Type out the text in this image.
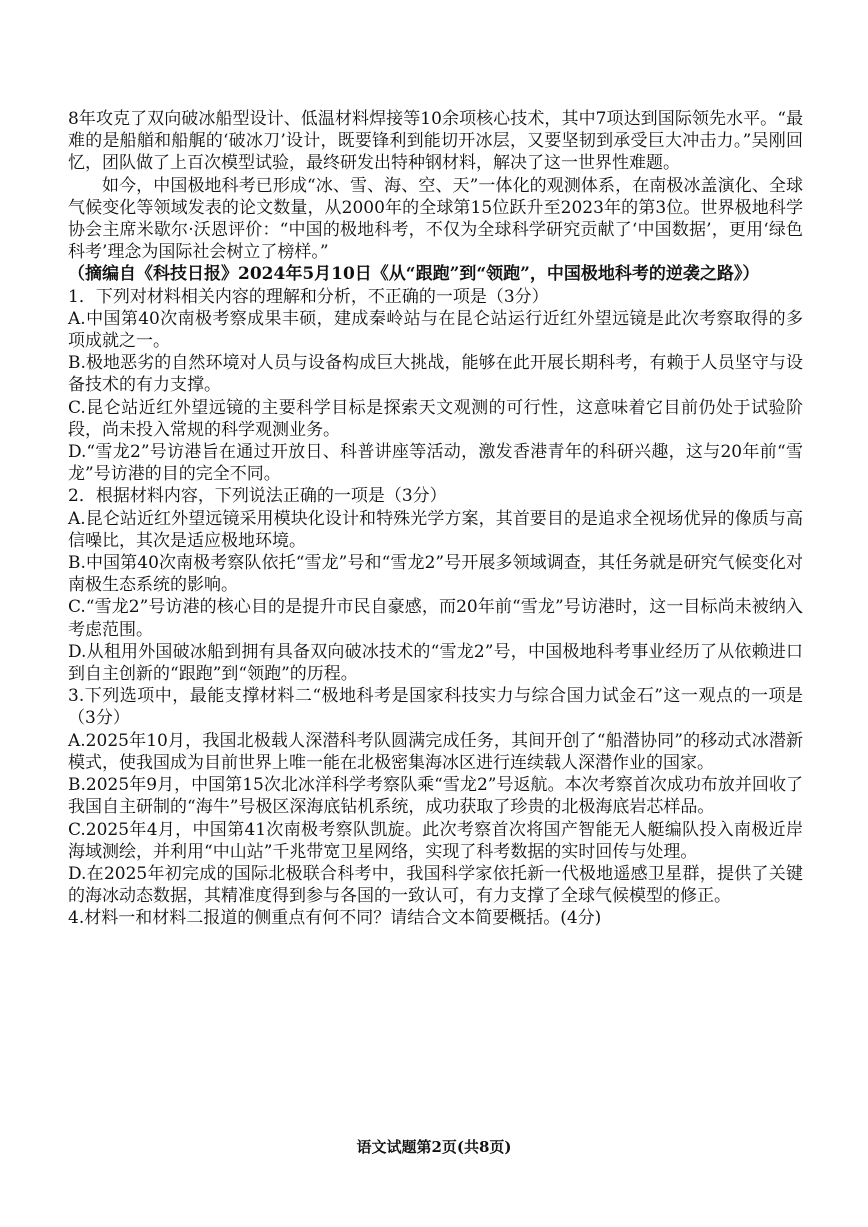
8年攻克了双向破冰船型设计、低温材料焊接等10余项核心技术，其中7项达到国际领先水平。“最难的是船艏和船艉的‘破冰刀’设计，既要锋利到能切开冰层，又要坚韧到承受巨大冲击力。”吴刚回忆，团队做了上百次模型试验，最终研发出特种钢材料，解决了这一世界性难题。

如今，中国极地科考已形成“冰、雪、海、空、天”一体化的观测体系，在南极冰盖演化、全球气候变化等领域发表的论文数量，从2000年的全球第15位跃升至2023年的第3位。世界极地科学协会主席米歇尔·沃恩评价：“中国的极地科考，不仅为全球科学研究贡献了‘中国数据’，更用‘绿色科考’理念为国际社会树立了榜样。”

（摘编自《科技日报》2024年5月10日《从“跟跑”到“领跑”，中国极地科考的逆袭之路》）

1．下列对材料相关内容的理解和分析，不正确的一项是（3分）

A.中国第40次南极考察成果丰硕，建成秦岭站与在昆仑站运行近红外望远镜是此次考察取得的多项成就之一。

B.极地恶劣的自然环境对人员与设备构成巨大挑战，能够在此开展长期科考，有赖于人员坚守与设备技术的有力支撑。

C.昆仑站近红外望远镜的主要科学目标是探索天文观测的可行性，这意味着它目前仍处于试验阶段，尚未投入常规的科学观测业务。

D.“雪龙2”号访港旨在通过开放日、科普讲座等活动，激发香港青年的科研兴趣，这与20年前“雪龙”号访港的目的完全不同。

2．根据材料内容，下列说法正确的一项是（3分）

A.昆仑站近红外望远镜采用模块化设计和特殊光学方案，其首要目的是追求全视场优异的像质与高信噪比，其次是适应极地环境。

B.中国第40次南极考察队依托“雪龙”号和“雪龙2”号开展多领域调查，其任务就是研究气候变化对南极生态系统的影响。

C.“雪龙2”号访港的核心目的是提升市民自豪感，而20年前“雪龙”号访港时，这一目标尚未被纳入考虑范围。

D.从租用外国破冰船到拥有具备双向破冰技术的“雪龙2”号，中国极地科考事业经历了从依赖进口到自主创新的“跟跑”到“领跑”的历程。

3.下列选项中，最能支撑材料二“极地科考是国家科技实力与综合国力试金石”这一观点的一项是（3分）

A.2025年10月，我国北极载人深潜科考队圆满完成任务，其间开创了“船潜协同”的移动式冰潜新模式，使我国成为目前世界上唯一能在北极密集海冰区进行连续载人深潜作业的国家。

B.2025年9月，中国第15次北冰洋科学考察队乘“雪龙2”号返航。本次考察首次成功布放并回收了我国自主研制的“海牛”号极区深海底钻机系统，成功获取了珍贵的北极海底岩芯样品。

C.2025年4月，中国第41次南极考察队凯旋。此次考察首次将国产智能无人艇编队投入南极近岸海域测绘，并利用“中山站”千兆带宽卫星网络，实现了科考数据的实时回传与处理。

D.在2025年初完成的国际北极联合科考中，我国科学家依托新一代极地遥感卫星群，提供了关键的海冰动态数据，其精准度得到参与各国的一致认可，有力支撑了全球气候模型的修正。

4.材料一和材料二报道的侧重点有何不同？请结合文本简要概括。(4分)

语文试题第2页(共8页)
